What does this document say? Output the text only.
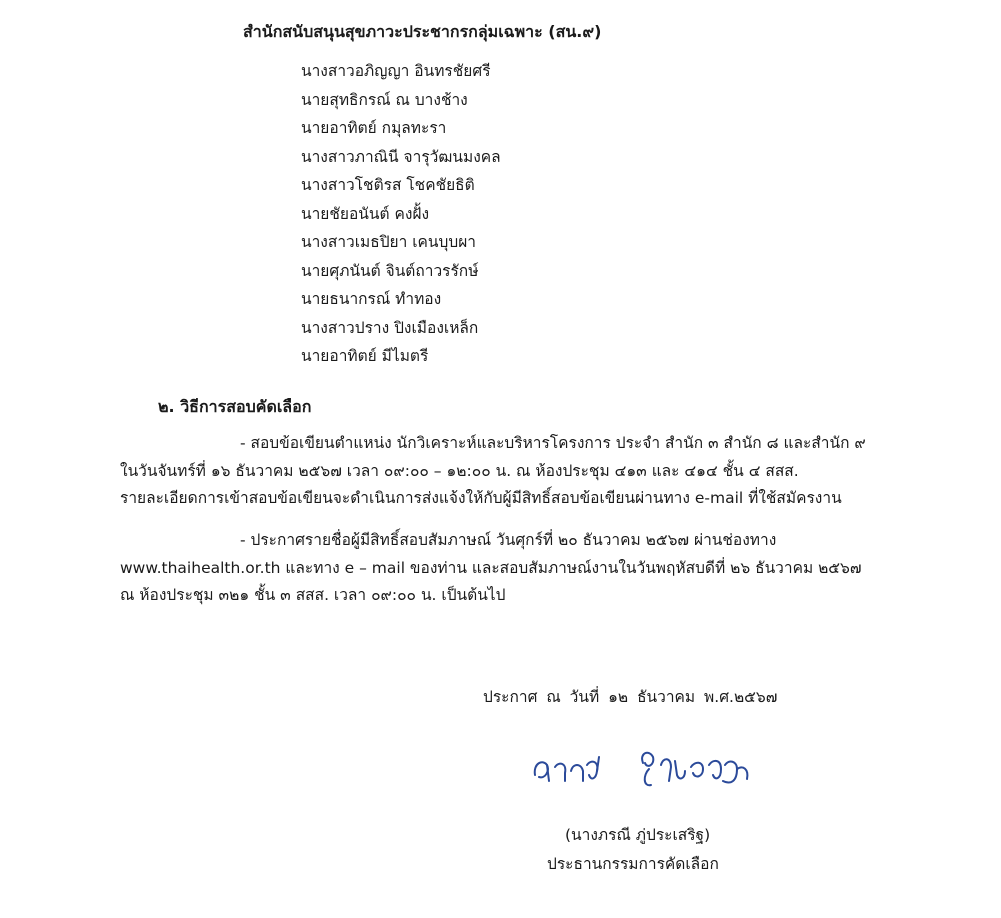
สำนักสนับสนุนสุขภาวะประชากรกลุ่มเฉพาะ (สน.๙)
นางสาวอภิญญา อินทรชัยศรี
นายสุทธิกรณ์ ณ บางช้าง
นายอาทิตย์ กมุลทะรา
นางสาวภาณินี จารุวัฒนมงคล
นางสาวโชติรส โชคชัยธิติ
นายชัยอนันต์ คงฝั้ง
นางสาวเมธปิยา เคนบุบผา
นายศุภนันต์ จินต์ถาวรรักษ์
นายธนากรณ์ ทำทอง
นางสาวปราง ปิงเมืองเหล็ก
นายอาทิตย์ มีไมตรี
๒. วิธีการสอบคัดเลือก
- สอบข้อเขียนตำแหน่ง นักวิเคราะห์และบริหารโครงการ ประจำ สำนัก ๓ สำนัก ๘ และสำนัก ๙
ในวันจันทร์ที่ ๑๖ ธันวาคม ๒๕๖๗ เวลา ๐๙:๐๐ – ๑๒:๐๐ น. ณ ห้องประชุม ๔๑๓ และ ๔๑๔ ชั้น ๔ สสส.
รายละเอียดการเข้าสอบข้อเขียนจะดำเนินการส่งแจ้งให้กับผู้มีสิทธิ์สอบข้อเขียนผ่านทาง e-mail ที่ใช้สมัครงาน
- ประกาศรายชื่อผู้มีสิทธิ์สอบสัมภาษณ์ วันศุกร์ที่ ๒๐ ธันวาคม ๒๕๖๗ ผ่านช่องทาง
www.thaihealth.or.th และทาง e – mail ของท่าน และสอบสัมภาษณ์งานในวันพฤหัสบดีที่ ๒๖ ธันวาคม ๒๕๖๗
ณ ห้องประชุม ๓๒๑ ชั้น ๓ สสส. เวลา ๐๙:๐๐ น. เป็นต้นไป
ประกาศ ณ วันที่ ๑๒ ธันวาคม พ.ศ.๒๕๖๗
(นางภรณี ภู่ประเสริฐ)
ประธานกรรมการคัดเลือก
